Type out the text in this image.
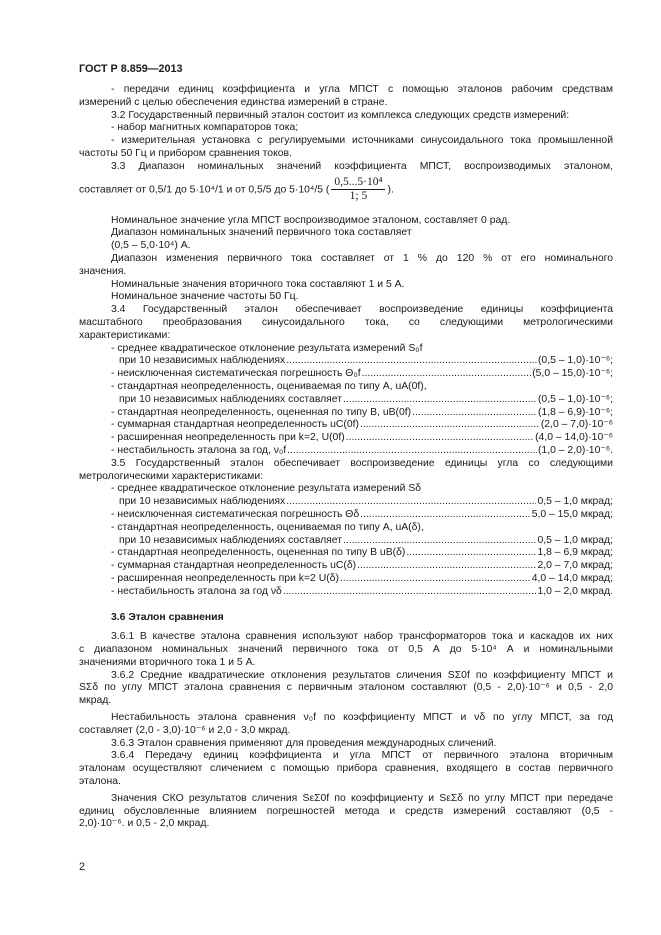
ГОСТ Р 8.859—2013

- передачи единиц коэффициента и угла МПСТ с помощью эталонов рабочим средствам

измерений с целью обеспечения единства измерений в стране.

3.2 Государственный первичный эталон состоит из комплекса следующих средств измерений:

- набор магнитных компараторов тока;

- измерительная установка с регулируемыми источниками синусоидального тока промышленной

частоты 50 Гц и прибором сравнения токов.

3.3 Диапазон номинальных значений коэффициента МПСТ, воспроизводимых эталоном,

составляет от 0,5/1 до 5·10⁴/1 и от 0,5/5 до 5·10⁴/5 ( $\frac{\text{0,5...5·10⁴}}{1; 5}$ ).

Номинальное значение угла МПСТ воспроизводимое эталоном, составляет 0 рад.

Диапазон номинальных значений первичного тока составляет

(0,5 – 5,0·10⁴) А.

Диапазон изменения первичного тока составляет от 1 % до 120 % от его номинального

значения.

Номинальные значения вторичного тока составляют 1 и 5 А.

Номинальное значение частоты 50 Гц.

3.4 Государственный эталон обеспечивает воспроизведение единицы коэффициента

масштабного преобразования синусоидального тока, со следующими метрологическими

характеристиками:

- среднее квадратическое отклонение результата измерений S₀f

при 10 независимых наблюдениях .....	(0,5 – 1,0)·10⁻⁶;
- неисключенная систематическая погрешность Θ₀f .....	(5,0 – 15,0)·10⁻⁶;

- стандартная неопределенность, оцениваемая по типу А, uA(0f),

при 10 независимых наблюдениях составляет .....	(0,5 – 1,0)·10⁻⁶;
- стандартная неопределенность, оцененная по типу В, uB(0f) .....	(1,8 – 6,9)·10⁻⁶;
- суммарная стандартная неопределенность uC(0f) .....	(2,0 – 7,0)·10⁻⁶
- расширенная неопределенность при k=2, U(0f) .....	(4,0 – 14,0)·10⁻⁶
- нестабильность эталона за год, ν₀f .....	(1,0 – 2,0)·10⁻⁶.

3.5 Государственный эталон обеспечивает воспроизведение единицы угла со следующими

метрологическими характеристиками:

- среднее квадратическое отклонение результата измерений Sδ

при 10 независимых наблюдениях .....	0,5 – 1,0 мкрад;
- неисключенная систематическая погрешность Θδ .....	5,0 – 15,0 мкрад;

- стандартная неопределенность, оцениваемая по типу А, uA(δ),

при 10 независимых наблюдениях составляет .....	0,5 – 1,0 мкрад;
- стандартная неопределенность, оцененная по типу В uB(δ) .....	1,8 – 6,9 мкрад;
- суммарная стандартная неопределенность uC(δ) .....	2,0 – 7,0 мкрад;
- расширенная неопределенность при k=2 U(δ) .....	4,0 – 14,0 мкрад;
- нестабильность эталона за год νδ .....	1,0 – 2,0 мкрад.

3.6 Эталон сравнения

3.6.1 В качестве эталона сравнения используют набор трансформаторов тока и каскадов их них

с диапазоном номинальных значений первичного тока от 0,5 А до 5·10⁴ А и номинальными

значениями вторичного тока 1 и 5 А.

3.6.2 Средние квадратические отклонения результатов сличения SΣ0f по коэффициенту МПСТ и

SΣδ по углу МПСТ эталона сравнения с первичным эталоном составляют (0,5 - 2,0)·10⁻⁶ и 0,5 - 2,0

мкрад.

Нестабильность эталона сравнения ν₀f по коэффициенту МПСТ и νδ по углу МПСТ, за год

составляет (2,0 - 3,0)·10⁻⁶ и 2,0 - 3,0 мкрад.

3.6.3 Эталон сравнения применяют для проведения международных сличений.

3.6.4 Передачу единиц коэффициента и угла МПСТ от первичного эталона вторичным

эталонам осуществляют сличением с помощью прибора сравнения, входящего в состав первичного

эталона.

Значения СКО результатов сличения SεΣ0f по коэффициенту и SεΣδ по углу МПСТ при передаче

единиц обусловленные влиянием погрешностей метода и средств измерений составляют (0,5 -

2,0)·10⁻⁶. и 0,5 - 2,0 мкрад.

2
